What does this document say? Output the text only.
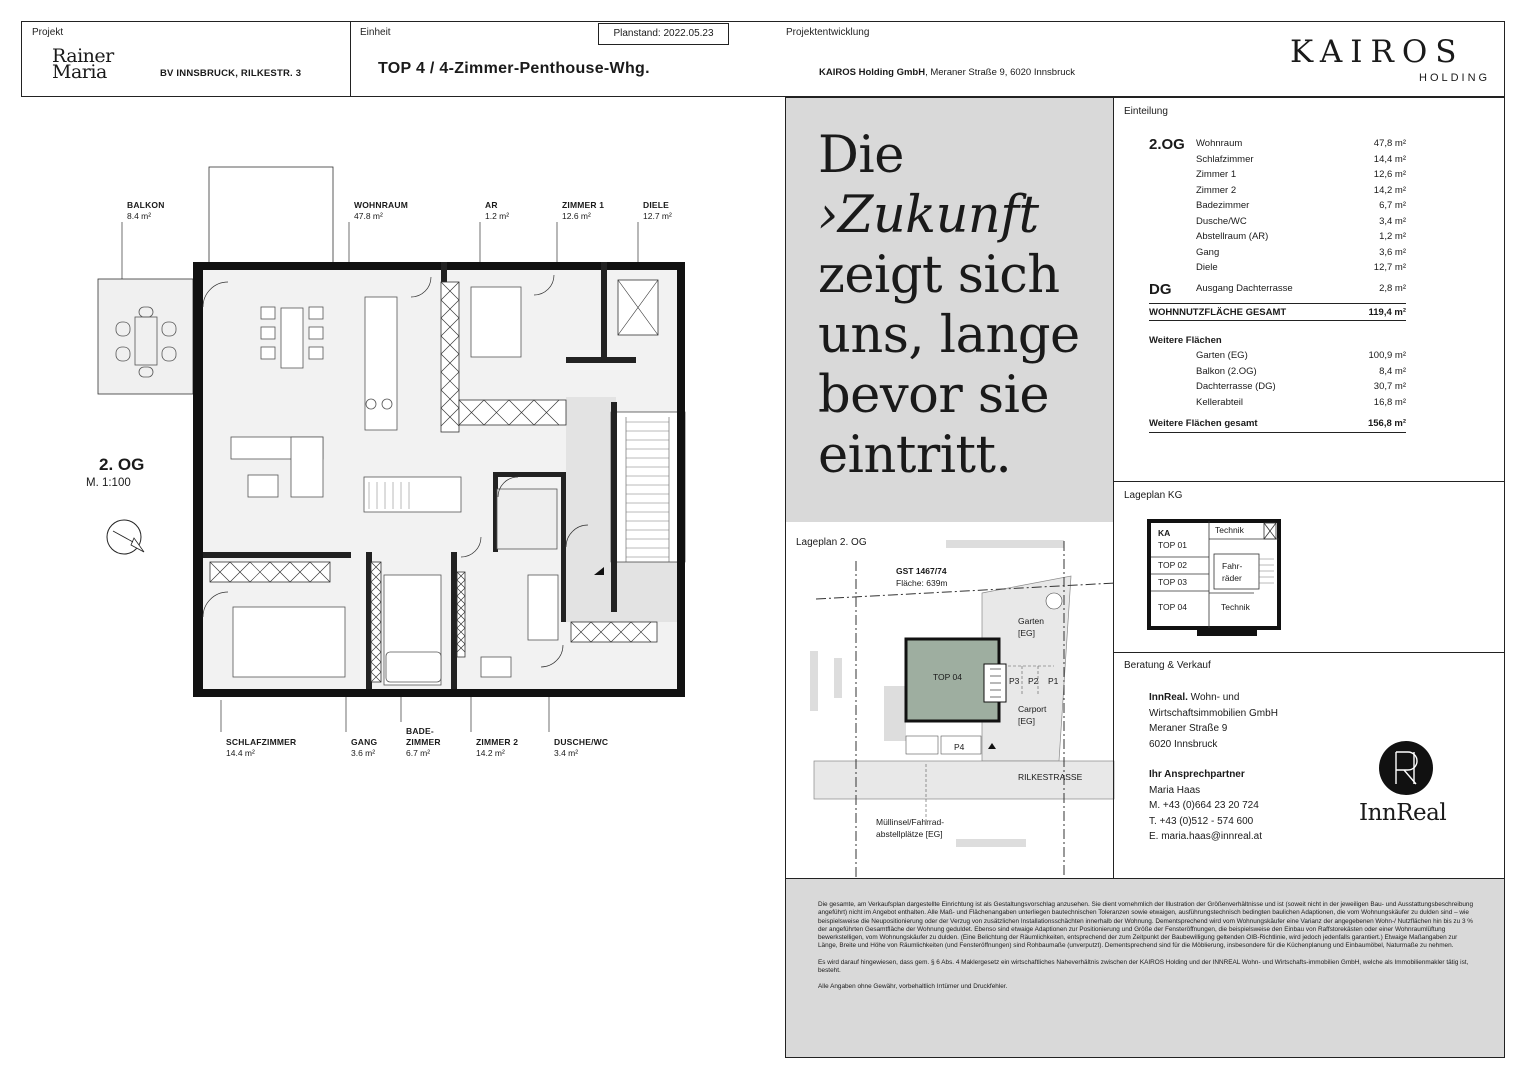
Projekt
Rainer
Maria	BV INNSBRUCK, RILKESTR. 3
Einheit
TOP 4 / 4-Zimmer-Penthouse-Whg.
Planstand: 2022.05.23	Projektentwicklung
KAIROS Holding GmbH, Meraner Straße 9, 6020 Innsbruck
KAIROS
HOLDING
BALKON
8.4 m²
WOHNRAUM
47.8 m²
AR
1.2 m²
ZIMMER 1
12.6 m²
DIELE
12.7 m²
SCHLAFZIMMER
14.4 m²
GANG
3.6 m²
BADE-
ZIMMER
6.7 m²
ZIMMER 2
14.2 m²
DUSCHE/WC
3.4 m²
2. OG
M. 1:100
Die
›Zukunft
zeigt sich
uns, lange
bevor sie
eintritt.
Einteilung
2.OG Wohnraum	47,8 m²
Schlafzimmer	14,4 m²
Zimmer 1	12,6 m²
Zimmer 2	14,2 m²
Badezimmer	6,7 m²
Dusche/WC	3,4 m²
Abstellraum (AR)	1,2 m²
Gang	3,6 m²
Diele	12,7 m²
DG	Ausgang Dachterrasse	2,8 m²
WOHNNUTZFLÄCHE GESAMT	119,4 m²
Weitere Flächen
Garten (EG)	100,9 m²
Balkon (2.OG)	8,4 m²
Dachterrasse (DG)	30,7 m²
Kellerabteil	16,8 m²
Weitere Flächen gesamt	156,8 m²
Lageplan KG
KA
TOP 01
TOP 02
TOP 03
TOP 04
Technik
Fahr-
räder
Technik
Lageplan 2. OG
GST 1467/74
Fläche: 639m
Garten
[EG]
TOP 04	P3 P2 P1
Carport
[EG]
P4
RILKESTRASSE
Müllinsel/Fahrrad-
abstellplätze [EG]
Beratung & Verkauf
InnReal. Wohn- und
Wirtschaftsimmobilien GmbH
Meraner Straße 9
6020 Innsbruck
Ihr Ansprechpartner
Maria Haas
M. +43 (0)664 23 20 724
T. +43 (0)512 - 574 600
E. maria.haas@innreal.at
InnReal

Die gesamte, am Verkaufsplan dargestellte Einrichtung ist als Gestaltungsvorschlag anzusehen. Sie dient vornehmlich der Illustration der Größenverhältnisse und ist (soweit nicht in der jeweiligen Bau- und Ausstattungsbeschreibung angeführt) nicht im Angebot enthalten. Alle Maß- und Flächenangaben unterliegen bautechnischen Toleranzen sowie etwaigen, ausführungstechnisch bedingten baulichen Adaptionen, die vom Wohnungskäufer zu dulden sind – wie beispielsweise die Neupositionierung oder der Verzug von zusätzlichen Installationsschächten innerhalb der Wohnung. Dementsprechend wird vom Wohnungskäufer eine Varianz der angegebenen Wohn-/ Nutzflächen hin bis zu 3 % der angeführten Gesamtfläche der Wohnung geduldet. Ebenso sind etwaige Adaptionen zur Positionierung und Größe der Fensteröffnungen, die beispielsweise den Einbau von Raffstorekästen oder einer Wohnraumlüftung bewerkstelligen, vom Wohnungskäufer zu dulden. (Eine Belichtung der Räumlichkeiten, entsprechend der zum Zeitpunkt der Baubewilligung geltenden OIB-Richtlinie, wird jedoch jedenfalls garantiert.) Etwaige Maßangaben zur Länge, Breite und Höhe von Räumlichkeiten (und Fensteröffnungen) sind Rohbaumaße (unverputzt). Dementsprechend sind für die Möblierung, insbesondere für die Küchenplanung und Einbaumöbel, Naturmaße zu nehmen.

Es wird darauf hingewiesen, dass gem. § 6 Abs. 4 Maklergesetz ein wirtschaftliches Naheverhältnis zwischen der KAIROS Holding und der INNREAL Wohn- und Wirtschafts-immobilien GmbH, welche als Immobilienmakler tätig ist, besteht.

Alle Angaben ohne Gewähr, vorbehaltlich Irrtümer und Druckfehler.
